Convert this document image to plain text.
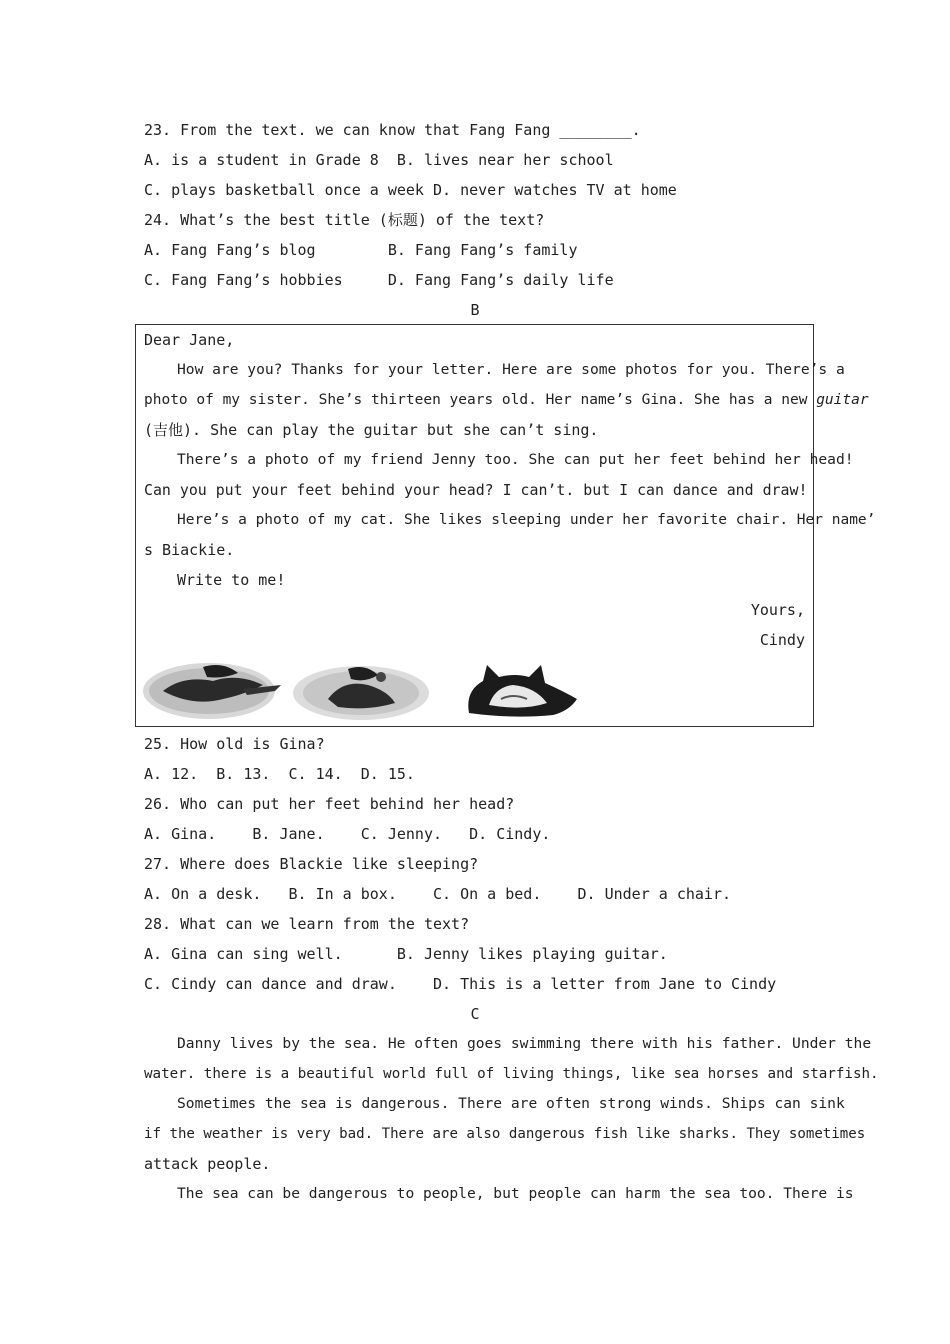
23. From the text. we can know that Fang Fang ________.
A. is a student in Grade 8  B. lives near her school
C. plays basketball once a week D. never watches TV at home
24. What’s the best title (标题) of the text?
A. Fang Fang’s blog        B. Fang Fang’s family
C. Fang Fang’s hobbies     D. Fang Fang’s daily life
B
Dear Jane,
How are you? Thanks for your letter. Here are some photos for you. There’s a
photo of my sister. She’s thirteen years old. Her name’s Gina. She has a new guitar
(吉他). She can play the guitar but she can’t sing.
There’s a photo of my friend Jenny too. She can put her feet behind her head!
Can you put your feet behind your head? I can’t. but I can dance and draw!
Here’s a photo of my cat. She likes sleeping under her favorite chair. Her name’
s Biackie.
Write to me!
Yours,
Cindy
25. How old is Gina?
A. 12.  B. 13.  C. 14.  D. 15.
26. Who can put her feet behind her head?
A. Gina.    B. Jane.    C. Jenny.   D. Cindy.
27. Where does Blackie like sleeping?
A. On a desk.   B. In a box.    C. On a bed.    D. Under a chair.
28. What can we learn from the text?
A. Gina can sing well.      B. Jenny likes playing guitar.
C. Cindy can dance and draw.    D. This is a letter from Jane to Cindy
C
Danny lives by the sea. He often goes swimming there with his father. Under the
water. there is a beautiful world full of living things, like sea horses and starfish.
Sometimes the sea is dangerous. There are often strong winds. Ships can sink
if the weather is very bad. There are also dangerous fish like sharks. They sometimes
attack people.
The sea can be dangerous to people, but people can harm the sea too. There is
